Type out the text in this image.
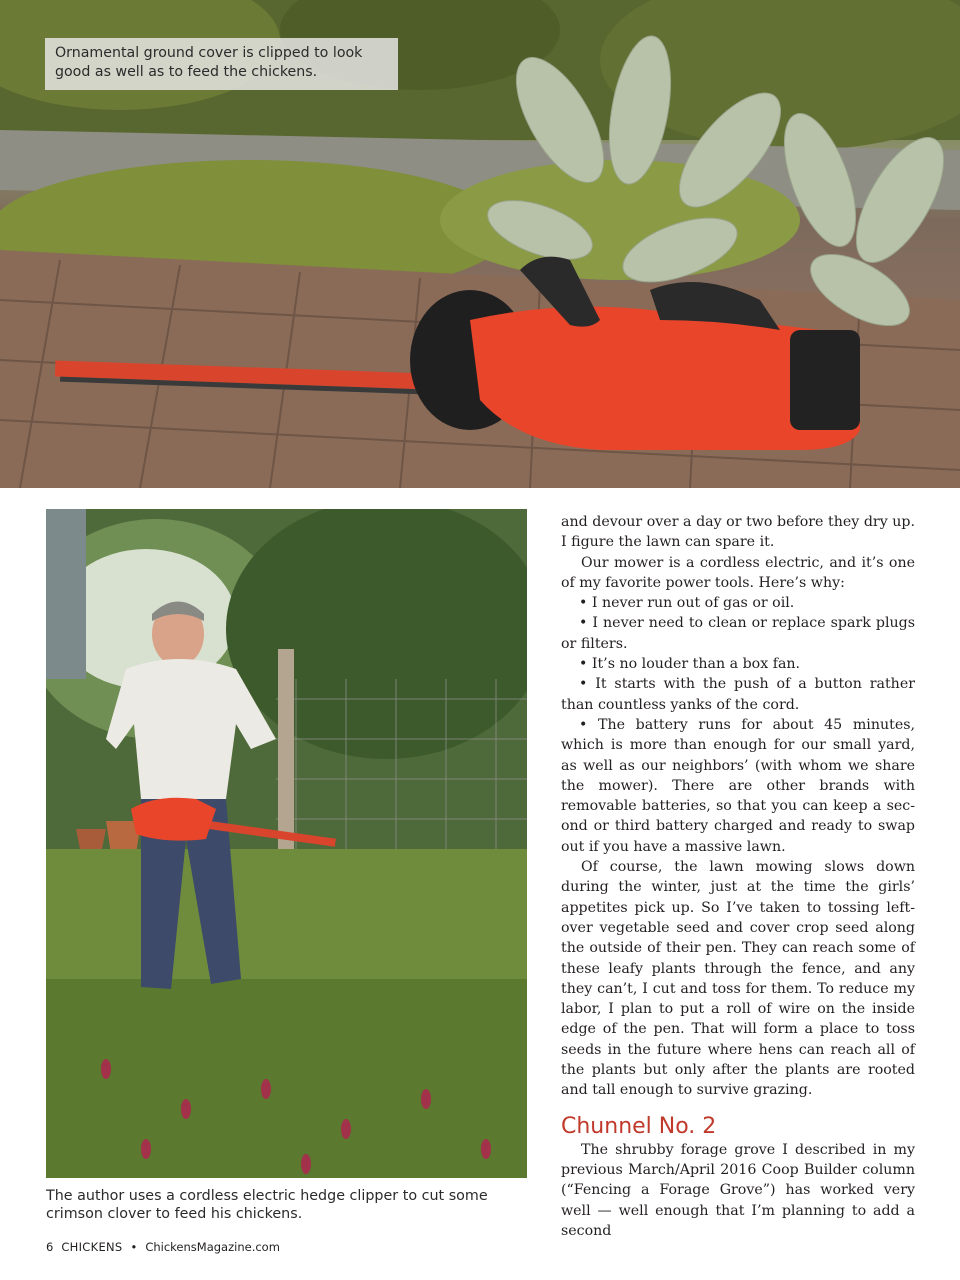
Ornamental ground cover is clipped to look good as well as to feed the chickens.
The author uses a cordless electric hedge clipper to cut some crimson clover to feed his chickens.

and devour over a day or two before they dry up. I figure the lawn can spare it.

Our mower is a cordless electric, and it’s one of my favorite power tools. Here’s why:

• I never run out of gas or oil.

• I never need to clean or replace spark plugs or filters.

• It’s no louder than a box fan.

• It starts with the push of a button rather than countless yanks of the cord.

• The battery runs for about 45 minutes, which is more than enough for our small yard, as well as our neighbors’ (with whom we share the mower). There are other brands with removable batteries, so that you can keep a sec-ond or third battery charged and ready to swap out if you have a massive lawn.

Of course, the lawn mowing slows down during the winter, just at the time the girls’ appetites pick up. So I’ve taken to tossing left-over vegetable seed and cover crop seed along the outside of their pen. They can reach some of these leafy plants through the fence, and any they can’t, I cut and toss for them. To reduce my labor, I plan to put a roll of wire on the inside edge of the pen. That will form a place to toss seeds in the future where hens can reach all of the plants but only after the plants are rooted and tall enough to survive grazing.

Chunnel No. 2

The shrubby forage grove I described in my previous March/April 2016 Coop Builder column (“Fencing a Forage Grove”) has worked very well — well enough that I’m planning to add a second

6 CHICKENS • ChickensMagazine.com
